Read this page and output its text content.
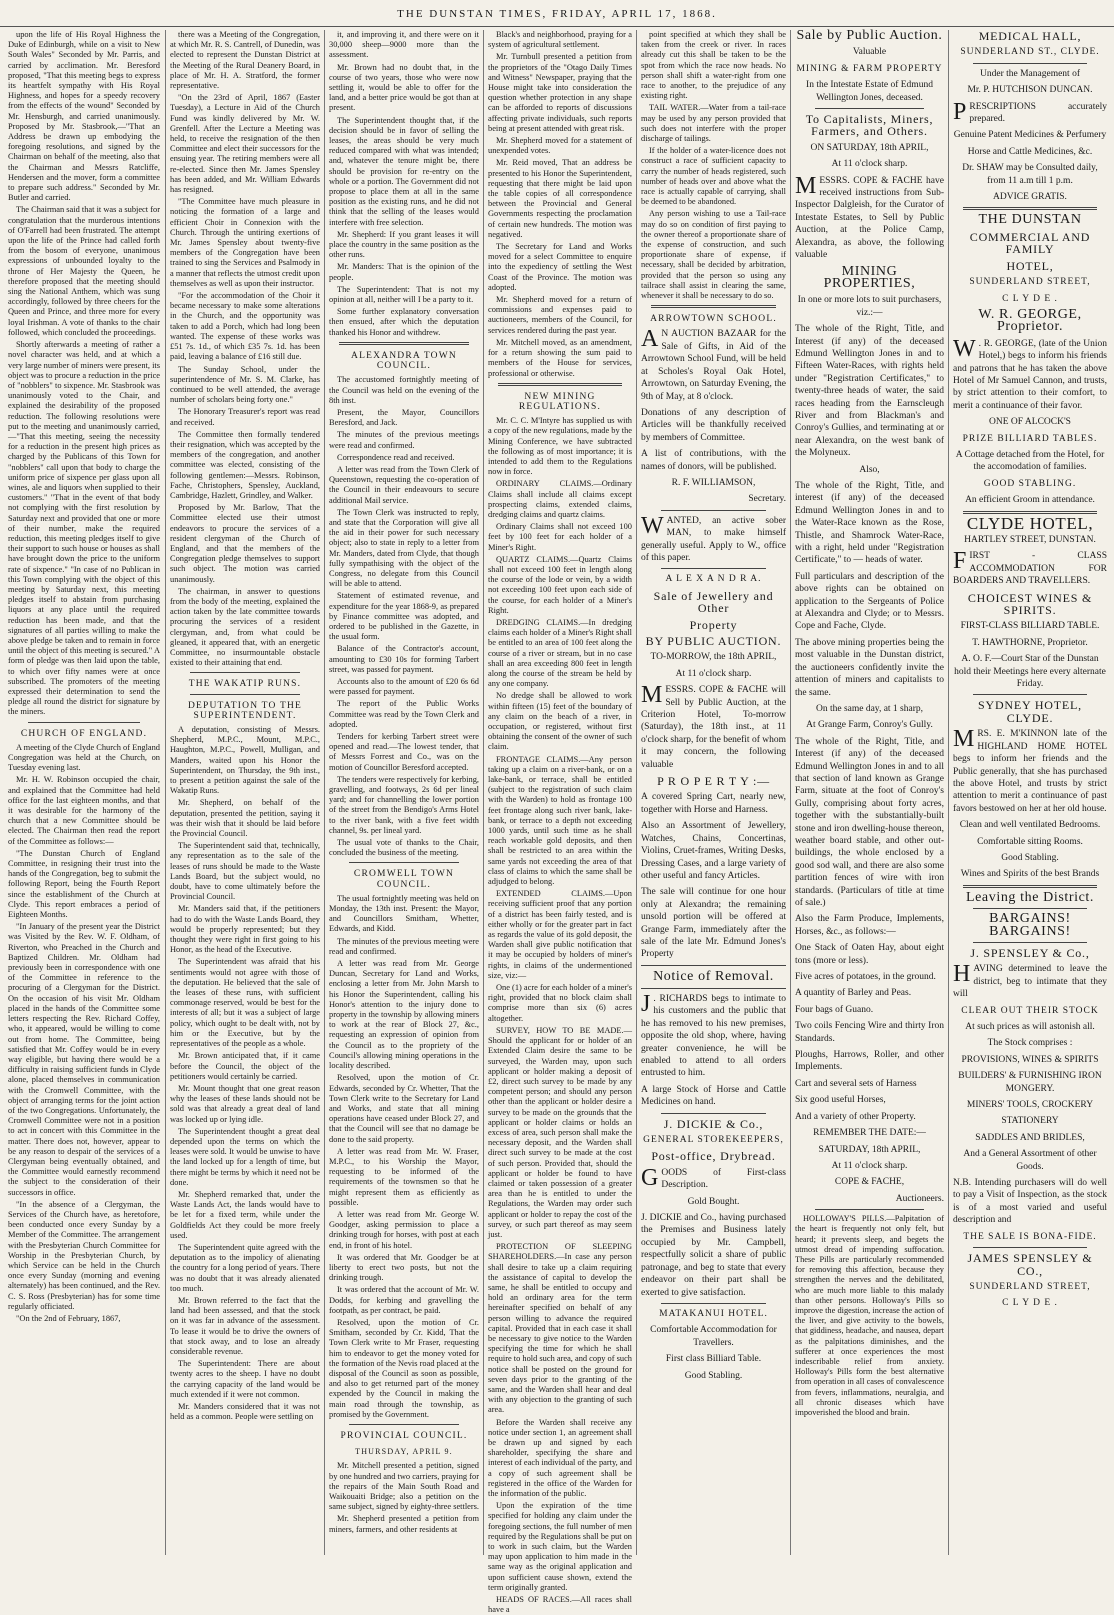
THE DUNSTAN TIMES, FRIDAY, APRIL 17, 1868.

upon the life of His Royal Highness the Duke of Edinburgh, while on a visit to New South Wales" Seconded by Mr. Parris, and carried by acclimation. Mr. Beresford proposed, "That this meeting begs to express its heartfelt sympathy with His Royal Highness, and hopes for a speedy recovery from the effects of the wound" Seconded by Mr. Hensburgh, and carried unanimously. Proposed by Mr. Stasbrook,—"That an Address be drawn up embodying the foregoing resolutions, and signed by the Chairman on behalf of the meeting, also that the Chairman and Messrs Ratcliffe, Hendersen and the mover, form a committee to prepare such address." Seconded by Mr. Butler and carried.

The Chairman said that it was a subject for congratulation that the murderous intentions of O'Farrell had been frustrated. The attempt upon the life of the Prince had called forth from the bosom of everyone, unanimous expressions of unbounded loyalty to the throne of Her Majesty the Queen, he therefore proposed that the meeting should sing the National Anthem, which was sung accordingly, followed by three cheers for the Queen and Prince, and three more for every loyal Irishman. A vote of thanks to the chair followed, which concluded the proceedings.

Shortly afterwards a meeting of rather a novel character was held, and at which a very large number of miners were present, its object was to procure a reduction in the price of "nobblers" to sixpence. Mr. Stasbrook was unanimously voted to the Chair, and explained the desirability of the proposed reduction. The following resolutions were put to the meeting and unanimously carried,—"That this meeting, seeing the necessity for a reduction in the present high prices as charged by the Publicans of this Town for "nobblers" call upon that body to charge the uniform price of sixpence per glass upon all wines, ale and liquors when supplied to their customers." "That in the event of that body not complying with the first resolution by Saturday next and provided that one or more of their number, make the required reduction, this meeting pledges itself to give their support to such house or houses as shall have brought down the price to the uniform rate of sixpence." "In case of no Publican in this Town complying with the object of this meeting by Saturday next, this meeting pledges itself to abstain from purchasing liquors at any place until the required reduction has been made, and that the signatures of all parties willing to make the above pledge be taken and to remain in force until the object of this meeting is secured." A form of pledge was then laid upon the table, to which over fifty names were at once subscribed. The promoters of the meeting expressed their determination to send the pledge all round the district for signature by the miners.

CHURCH OF ENGLAND.

A meeting of the Clyde Church of England Congregation was held at the Church, on Tuesday evening last.

Mr. H. W. Robinson occupied the chair, and explained that the Committee had held office for the last eighteen months, and that it was desirable for the harmony of the church that a new Committee should be elected. The Chairman then read the report of the Committee as follows:—

"The Dunstan Church of England Committee, in resigning their trust into the hands of the Congregation, beg to submit the following Report, being the Fourth Report since the establishment of the Church at Clyde. This report embraces a period of Eighteen Months.

"In January of the present year the District was Visited by the Rev. W. F. Oldham, of Riverton, who Preached in the Church and Baptized Children. Mr. Oldham had previously been in correspondence with one of the Committee in reference to the procuring of a Clergyman for the District. On the occasion of his visit Mr. Oldham placed in the hands of the Committee some letters respecting the Rev. Richard Coffey, who, it appeared, would be willing to come out from home. The Committee, being satisfied that Mr. Coffey would be in every way eligible, but having there would be a difficulty in raising sufficient funds in Clyde alone, placed themselves in communication with the Cromwell Committee, with the object of arranging terms for the joint action of the two Congregations. Unfortunately, the Cromwell Committee were not in a position to act in concert with this Committee in the matter. There does not, however, appear to be any reason to despair of the services of a Clergyman being eventually obtained, and the Committee would earnestly recommend the subject to the consideration of their successors in office.

"In the absence of a Clergyman, the Services of the Church have, as heretofore, been conducted once every Sunday by a Member of the Committee. The arrangement with the Presbyterian Church Committee for Worship in the Presbyterian Church, by which Service can be held in the Church once every Sunday (morning and evening alternately) has been continued, and the Rev. C. S. Ross (Presbyterian) has for some time regularly officiated.

"On the 2nd of February, 1867,

there was a Meeting of the Congregation, at which Mr. R. S. Cantrell, of Dunedin, was elected to represent the Dunstan District at the Meeting of the Rural Deanery Board, in place of Mr. H. A. Stratford, the former representative.

"On the 23rd of April, 1867 (Easter Tuesday), a Lecture in Aid of the Church Fund was kindly delivered by Mr. W. Grenfell. After the Lecture a Meeting was held, to receive the resignation of the then Committee and elect their successors for the ensuing year. The retiring members were all re-elected. Since then Mr. James Spensley has been added, and Mr. William Edwards has resigned.

"The Committee have much pleasure in noticing the formation of a large and efficient Choir in Connexion with the Church. Through the untiring exertions of Mr. James Spensley about twenty-five members of the Congregation have been trained to sing the Services and Psalmody in a manner that reflects the utmost credit upon themselves as well as upon their instructor.

"For the accommodation of the Choir it became necessary to make some alterations in the Church, and the opportunity was taken to add a Porch, which had long been wanted. The expense of these works was £51 7s. 1d., of which £35 7s. 1d. has been paid, leaving a balance of £16 still due.

The Sunday School, under the superintendence of Mr. S. M. Clarke, has continued to be well attended, the average number of scholars being forty one."

The Honorary Treasurer's report was read and received.

The Committee then formally tendered their resignation, which was accepted by the members of the congregation, and another committee was elected, consisting of the following gentlemen:—Messrs. Robinson, Fache, Christophers, Spensley, Auckland, Cambridge, Hazlett, Grindley, and Walker.

Proposed by Mr. Barlow, That the Committee elected use their utmost endeavors to procure the services of a resident clergyman of the Church of England, and that the members of the Congregation pledge themselves to support such object. The motion was carried unanimously.

The chairman, in answer to questions from the body of the meeting, explained the action taken by the late committee towards procuring the services of a resident clergyman, and, from what could be gleaned, it appeared that, with an energetic Committee, no insurmountable obstacle existed to their attaining that end.

THE WAKATIP RUNS.
DEPUTATION TO THE SUPERINTENDENT.

A deputation, consisting of Messrs. Shepherd, M.P.C., Mount, M.P.C., Haughton, M.P.C., Powell, Mulligan, and Manders, waited upon his Honor the Superintendent, on Thursday, the 9th inst., to present a petition against the sale of the Wakatip Runs.

Mr. Shepherd, on behalf of the deputation, presented the petition, saying it was their wish that it should be laid before the Provincial Council.

The Superintendent said that, technically, any representation as to the sale of the leases of runs should be made to the Waste Lands Board, but the subject would, no doubt, have to come ultimately before the Provincial Council.

Mr. Manders said that, if the petitioners had to do with the Waste Lands Board, they would be properly represented; but they thought they were right in first going to his Honor, as the head of the Executive.

The Superintendent was afraid that his sentiments would not agree with those of the deputation. He believed that the sale of the leases of these runs, with sufficient commonage reserved, would be best for the interests of all; but it was a subject of large policy, which ought to be dealt with, not by him or the Executive, but by the representatives of the people as a whole.

Mr. Brown anticipated that, if it came before the Council, the object of the petitioners would certainly be carried.

Mr. Mount thought that one great reason why the leases of these lands should not be sold was that already a great deal of land was locked up or lying idle.

The Superintendent thought a great deal depended upon the terms on which the leases were sold. It would be unwise to have the land locked up for a length of time, but there might be terms by which it need not be done.

Mr. Shepherd remarked that, under the Waste Lands Act, the lands would have to be let for a fixed term, while under the Goldfields Act they could be more freely used.

The Superintendent quite agreed with the deputation as to the impolicy of alienating the country for a long period of years. There was no doubt that it was already alienated too much.

Mr. Brown referred to the fact that the land had been assessed, and that the stock on it was far in advance of the assessment. To lease it would be to drive the owners of that stock away, and to lose an already considerable revenue.

The Superintendent: There are about twenty acres to the sheep. I have no doubt the carrying capacity of the land would be much extended if it were not common.

Mr. Manders considered that it was not held as a common. People were settling on

it, and improving it, and there were on it 30,000 sheep—9000 more than the assessment.

Mr. Brown had no doubt that, in the course of two years, those who were now settling it, would be able to offer for the land, and a better price would be got than at present.

The Superintendent thought that, if the decision should be in favor of selling the leases, the areas should be very much reduced compared with what was intended; and, whatever the tenure might be, there should be provision for re-entry on the whole or a portion. The Government did not propose to place them at all in the same position as the existing runs, and he did not think that the selling of the leases would interfere with free selection.

Mr. Shepherd: If you grant leases it will place the country in the same position as the other runs.

Mr. Manders: That is the opinion of the people.

The Superintendent: That is not my opinion at all, neither will I be a party to it.

Some further explanatory conversation then ensued, after which the deputation thanked his Honor and withdrew.

ALEXANDRA TOWN COUNCIL.

The accustomed fortnightly meeting of the Council was held on the evening of the 8th inst.

Present, the Mayor, Councillors Beresford, and Jack.

The minutes of the previous meetings were read and confirmed.

Correspondence read and received.

A letter was read from the Town Clerk of Queenstown, requesting the co-operation of the Council in their endeavours to secure additional Mail service.

The Town Clerk was instructed to reply, and state that the Corporation will give all the aid in their power for such necessary object; also to state in reply to a letter from Mr. Manders, dated from Clyde, that though fully sympathising with the object of the Congress, no delegate from this Council will be able to attend.

Statement of estimated revenue, and expenditure for the year 1868-9, as prepared by Finance committee was adopted, and ordered to be published in the Gazette, in the usual form.

Balance of the Contractor's account, amounting to £30 10s for forming Tarbert street, was passed for payment.

Accounts also to the amount of £20 6s 6d were passed for payment.

The report of the Public Works Committee was read by the Town Clerk and adopted.

Tenders for kerbing Tarbert street were opened and read.—The lowest tender, that of Messrs Forrest and Co., was on the motion of Councillor Beresford accepted.

The tenders were respectively for kerbing, gravelling, and footways, 2s 6d per lineal yard; and for channelling the lower portion of the street from the Bendigo's Arms Hotel to the river bank, with a five feet width channel, 9s. per lineal yard.

The usual vote of thanks to the Chair, concluded the business of the meeting.

CROMWELL TOWN COUNCIL.

The usual fortnightly meeting was held on Monday, the 13th inst. Present: the Mayor, and Councillors Smitham, Whetter, Edwards, and Kidd.

The minutes of the previous meeting were read and confirmed.

A letter was read from Mr. George Duncan, Secretary for Land and Works, enclosing a letter from Mr. John Marsh to his Honor the Superintendent, calling his Honor's attention to the injury done to property in the township by allowing miners to work at the rear of Block 27, &c., requesting an expression of opinion from the Council as to the propriety of the Council's allowing mining operations in the locality described.

Resolved, upon the motion of Cr. Edwards, seconded by Cr. Whetter, That the Town Clerk write to the Secretary for Land and Works, and state that all mining operations have ceased under Block 27, and that the Council will see that no damage be done to the said property.

A letter was read from Mr. W. Fraser, M.P.C., to his Worship the Mayor, requesting to be informed of the requirements of the townsmen so that he might represent them as efficiently as possible.

A letter was read from Mr. George W. Goodger, asking permission to place a drinking trough for horses, with post at each end, in front of his hotel.

It was ordered that Mr. Goodger be at liberty to erect two posts, but not the drinking trough.

It was ordered that the account of Mr. W. Dodds, for kerbing and gravelling the footpath, as per contract, be paid.

Resolved, upon the motion of Cr. Smitham, seconded by Cr. Kidd, That the Town Clerk write to Mr Fraser, requesting him to endeavor to get the money voted for the formation of the Nevis road placed at the disposal of the Council as soon as possible, and also to get returned part of the money expended by the Council in making the main road through the township, as promised by the Government.

PROVINCIAL COUNCIL.
THURSDAY, APRIL 9.

Mr. Mitchell presented a petition, signed by one hundred and two carriers, praying for the repairs of the Main South Road and Waikouaiti Bridge; also a petition on the same subject, signed by eighty-three settlers.

Mr. Shepherd presented a petition from miners, farmers, and other residents at

Black's and neighborhood, praying for a system of agricultural settlement.

Mr. Turnbull presented a petition from the proprietors of the "Otago Daily Times and Witness" Newspaper, praying that the House might take into consideration the question whether protection in any shape can be afforded to reports of discussions affecting private individuals, such reports being at present attended with great risk.

Mr. Shepherd moved for a statement of unexpended votes.

Mr. Reid moved, That an address be presented to his Honor the Superintendent, requesting that there might be laid upon the table copies of all correspondence between the Provincial and General Governments respecting the proclamation of certain new hundreds. The motion was negatived.

The Secretary for Land and Works moved for a select Committee to enquire into the expediency of settling the West Coast of the Province. The motion was adopted.

Mr. Shepherd moved for a return of commissions and expenses paid to auctioneers, members of the Council, for services rendered during the past year.

Mr. Mitchell moved, as an amendment, for a return showing the sum paid to members of the House for services, professional or otherwise.

NEW MINING REGULATIONS.

Mr. C. C. M'Intyre has supplied us with a copy of the new regulations, made by the Mining Conference, we have subtracted the following as of most importance; it is intended to add them to the Regulations now in force.

ORDINARY CLAIMS.—Ordinary Claims shall include all claims except prospecting claims, extended claims, dredging claims and quartz claims.

Ordinary Claims shall not exceed 100 feet by 100 feet for each holder of a Miner's Right.

QUARTZ CLAIMS.—Quartz Claims shall not exceed 100 feet in length along the course of the lode or vein, by a width not exceeding 100 feet upon each side of the course, for each holder of a Miner's Right.

DREDGING CLAIMS.—In dredging claims each holder of a Miner's Right shall be entitled to an area of 100 feet along the course of a river or stream, but in no case shall an area exceeding 800 feet in length along the course of the stream be held by any one company.

No dredge shall be allowed to work within fifteen (15) feet of the boundary of any claim on the beach of a river, in occupation, or registered, without first obtaining the consent of the owner of such claim.

FRONTAGE CLAIMS.—Any person taking up a claim on a river-bank, or on a lake-bank, or terrace, shall be entitled (subject to the registration of such claim with the Warden) to hold as frontage 100 feet frontage along such river bank, lake-bank, or terrace to a depth not exceeding 1000 yards, until such time as he shall reach workable gold deposits, and then shall be restricted to an area within the same yards not exceeding the area of that class of claims to which the same shall be adjudged to belong.

EXTENDED CLAIMS.—Upon receiving sufficient proof that any portion of a district has been fairly tested, and is either wholly or for the greater part in fact as regards the value of its gold deposit, the Warden shall give public notification that it may be occupied by holders of miner's rights, in claims of the undermentioned size, viz:—

One (1) acre for each holder of a miner's right, provided that no block claim shall comprise more than six (6) acres altogether.

SURVEY, HOW TO BE MADE.—Should the applicant for or holder of an Extended Claim desire the same to be surveyed, the Warden may, upon such applicant or holder making a deposit of £2, direct such survey to be made by any competent person; and should any person other than the applicant or holder desire a survey to be made on the grounds that the applicant or holder claims or holds an excess of area, such person shall make the necessary deposit, and the Warden shall direct such survey to be made at the cost of such person. Provided that, should the applicant or holder be found to have claimed or taken possession of a greater area than he is entitled to under the Regulations, the Warden may order such applicant or holder to repay the cost of the survey, or such part thereof as may seem just.

PROTECTION OF SLEEPING SHAREHOLDERS.—In case any person shall desire to take up a claim requiring the assistance of capital to develop the same, he shall be entitled to occupy and hold an ordinary area for the term hereinafter specified on behalf of any person willing to advance the required capital. Provided that in each case it shall be necessary to give notice to the Warden specifying the time for which he shall require to hold such area, and copy of such notice shall be posted on the ground for seven days prior to the granting of the same, and the Warden shall hear and deal with any objection to the granting of such area.

Before the Warden shall receive any notice under section 1, an agreement shall be drawn up and signed by each shareholder, specifying the share and interest of each individual of the party, and a copy of such agreement shall be registered in the office of the Warden for the information of the public.

Upon the expiration of the time specified for holding any claim under the foregoing sections, the full number of men required by the Regulations shall be put on to work in such claim, but the Warden may upon application to him made in the same way as the original application and upon sufficient cause shown, extend the term originally granted.

HEADS OF RACES.—All races shall have a

point specified at which they shall be taken from the creek or river. In races already cut this shall be taken to be the spot from which the race now heads. No person shall shift a water-right from one race to another, to the prejudice of any existing right.

TAIL WATER.—Water from a tail-race may be used by any person provided that such does not interfere with the proper discharge of tailings.

If the holder of a water-licence does not construct a race of sufficient capacity to carry the number of heads registered, such number of heads over and above what the race is actually capable of carrying, shall be deemed to be abandoned.

Any person wishing to use a Tail-race may do so on condition of first paying to the owner thereof a proportionate share of the expense of construction, and such proportionate share of expense, if necessary, shall be decided by arbitration, provided that the person so using any tailrace shall assist in clearing the same, whenever it shall be necessary to do so.

ARROWTOWN SCHOOL.

A N AUCTION BAZAAR for the Sale of Gifts, in Aid of the Arrowtown School Fund, will be held at Scholes's Royal Oak Hotel, Arrowtown, on Saturday Evening, the 9th of May, at 8 o'clock.

Donations of any description of Articles will be thankfully received by members of Committee.

A list of contributions, with the names of donors, will be published.

R. F. WILLIAMSON,

Secretary.

WANTED, an active sober MAN, to make himself generally useful. Apply to W., office of this paper.

A L E X A N D R A.

Sale of Jewellery and Other

Property

BY PUBLIC AUCTION.

TO-MORROW, the 18th APRIL,

At 11 o'clock sharp.

MESSRS. COPE & FACHE will Sell by Public Auction, at the Criterion Hotel, To-morrow (Saturday), the 18th inst., at 11 o'clock sharp, for the benefit of whom it may concern, the following valuable

P R O P E R T Y :—

A covered Spring Cart, nearly new, together with Horse and Harness.

Also an Assortment of Jewellery, Watches, Chains, Concertinas, Violins, Cruet-frames, Writing Desks, Dressing Cases, and a large variety of other useful and fancy Articles.

The sale will continue for one hour only at Alexandra; the remaining unsold portion will be offered at Grange Farm, immediately after the sale of the late Mr. Edmund Jones's Property

Notice of Removal.

J . RICHARDS begs to intimate to his customers and the public that he has removed to his new premises, opposite the old shop, where, having greater convenience, he will be enabled to attend to all orders entrusted to him.

A large Stock of Horse and Cattle Medicines on hand.

J. DICKIE & Co.,

GENERAL STOREKEEPERS,

Post-office, Drybread.

GOODS of First-class Description.

Gold Bought.

J. DICKIE and Co., having purchased the Premises and Business lately occupied by Mr. Campbell, respectfully solicit a share of public patronage, and beg to state that every endeavor on their part shall be exerted to give satisfaction.

MATAKANUI HOTEL.

Comfortable Accommodation for Travellers.

First class Billiard Table.

Good Stabling.

Sale by Public Auction.

Valuable

MINING & FARM PROPERTY

In the Intestate Estate of Edmund Wellington Jones, deceased.

To Capitalists, Miners, Farmers, and Others.

ON SATURDAY, 18th APRIL,

At 11 o'clock sharp.

MESSRS. COPE & FACHE have received instructions from Sub-Inspector Dalgleish, for the Curator of Intestate Estates, to Sell by Public Auction, at the Police Camp, Alexandra, as above, the following valuable

MINING PROPERTIES,

In one or more lots to suit purchasers, viz.:—

The whole of the Right, Title, and Interest (if any) of the deceased Edmund Wellington Jones in and to Fifteen Water-Races, with rights held under "Registration Certificates," to twenty-three heads of water, the said races heading from the Earnscleugh River and from Blackman's and Conroy's Gullies, and terminating at or near Alexandra, on the west bank of the Molyneux.

Also,

The whole of the Right, Title, and interest (if any) of the deceased Edmund Wellington Jones in and to the Water-Race known as the Rose, Thistle, and Shamrock Water-Race, with a right, held under "Registration Certificate," to — heads of water.

Full particulars and description of the above rights can be obtained on application to the Sergeants of Police at Alexandra and Clyde; or to Messrs. Cope and Fache, Clyde.

The above mining properties being the most valuable in the Dunstan district, the auctioneers confidently invite the attention of miners and capitalists to the same.

On the same day, at 1 sharp,

At Grange Farm, Conroy's Gully.

The whole of the Right, Title, and Interest (if any) of the deceased Edmund Wellington Jones in and to all that section of land known as Grange Farm, situate at the foot of Conroy's Gully, comprising about forty acres, together with the substantially-built stone and iron dwelling-house thereon, weather board stable, and other out-buildings, the whole enclosed by a good sod wall, and there are also some partition fences of wire with iron standards. (Particulars of title at time of sale.)

Also the Farm Produce, Implements, Horses, &c., as follows:—

One Stack of Oaten Hay, about eight tons (more or less).

Five acres of potatoes, in the ground.

A quantity of Barley and Peas.

Four bags of Guano.

Two coils Fencing Wire and thirty Iron Standards.

Ploughs, Harrows, Roller, and other Implements.

Cart and several sets of Harness

Six good useful Horses,

And a variety of other Property.

REMEMBER THE DATE:—

SATURDAY, 18th APRIL,

At 11 o'clock sharp.

COPE & FACHE,

Auctioneers.

HOLLOWAY'S PILLS.—Palpitation of the heart is frequently not only felt, but heard; it prevents sleep, and begets the utmost dread of impending suffocation. These Pills are particularly recommended for removing this affection, because they strengthen the nerves and the debilitated, who are much more liable to this malady than other persons. Holloway's Pills so improve the digestion, increase the action of the liver, and give activity to the bowels, that giddiness, headache, and nausea, depart as the palpitations diminishes, and the sufferer at once experiences the most indescribable relief from anxiety. Holloway's Pills form the best alternative from operation in all cases of convalescence from fevers, inflammations, neuralgia, and all chronic diseases which have impoverished the blood and brain.

MEDICAL HALL,

SUNDERLAND ST., CLYDE.

Under the Management of

Mr. P. HUTCHISON DUNCAN.

PRESCRIPTIONS accurately prepared.

Genuine Patent Medicines & Perfumery

Horse and Cattle Medicines, &c.

Dr. SHAW may be Consulted daily, from 11 a.m till 1 p.m.

ADVICE GRATIS.

THE DUNSTAN

COMMERCIAL AND FAMILY

HOTEL,

SUNDERLAND STREET,

C L Y D E .

W. R. GEORGE, Proprietor.

W . R. GEORGE, (late of the Union Hotel,) begs to inform his friends and patrons that he has taken the above Hotel of Mr Samuel Cannon, and trusts, by strict attention to their comfort, to merit a continuance of their favor.

ONE OF ALCOCK'S

PRIZE BILLIARD TABLES.

A Cottage detached from the Hotel, for the accomodation of families.

GOOD STABLING.

An efficient Groom in attendance.

CLYDE HOTEL,

HARTLEY STREET, DUNSTAN.

FIRST - CLASS ACCOMMODATION FOR BOARDERS AND TRAVELLERS.

CHOICEST WINES & SPIRITS.

FIRST-CLASS BILLIARD TABLE.

T. HAWTHORNE, Proprietor.

A. O. F.—Court Star of the Dunstan hold their Meetings here every alternate Friday.

SYDNEY HOTEL, CLYDE.

MRS. E. M'KINNON late of the HIGHLAND HOME HOTEL begs to inform her friends and the Public generally, that she has purchased the above Hotel, and trusts by strict attention to merit a continuance of past favors bestowed on her at her old house.

Clean and well ventilated Bedrooms.

Comfortable sitting Rooms.

Good Stabling.

Wines and Spirits of the best Brands

Leaving the District.

BARGAINS! BARGAINS!

J. SPENSLEY & Co.,

HAVING determined to leave the district, beg to intimate that they will

CLEAR OUT THEIR STOCK

At such prices as will astonish all.

The Stock comprises :

PROVISIONS, WINES & SPIRITS

BUILDERS' & FURNISHING IRON MONGERY.

MINERS' TOOLS, CROCKERY

STATIONERY

SADDLES AND BRIDLES,

And a General Assortment of other Goods.

N.B. Intending purchasers will do well to pay a Visit of Inspection, as the stock is of a most varied and useful description and

THE SALE IS BONA-FIDE.

JAMES SPENSLEY & CO.,

SUNDERLAND STREET,

C L Y D E .
